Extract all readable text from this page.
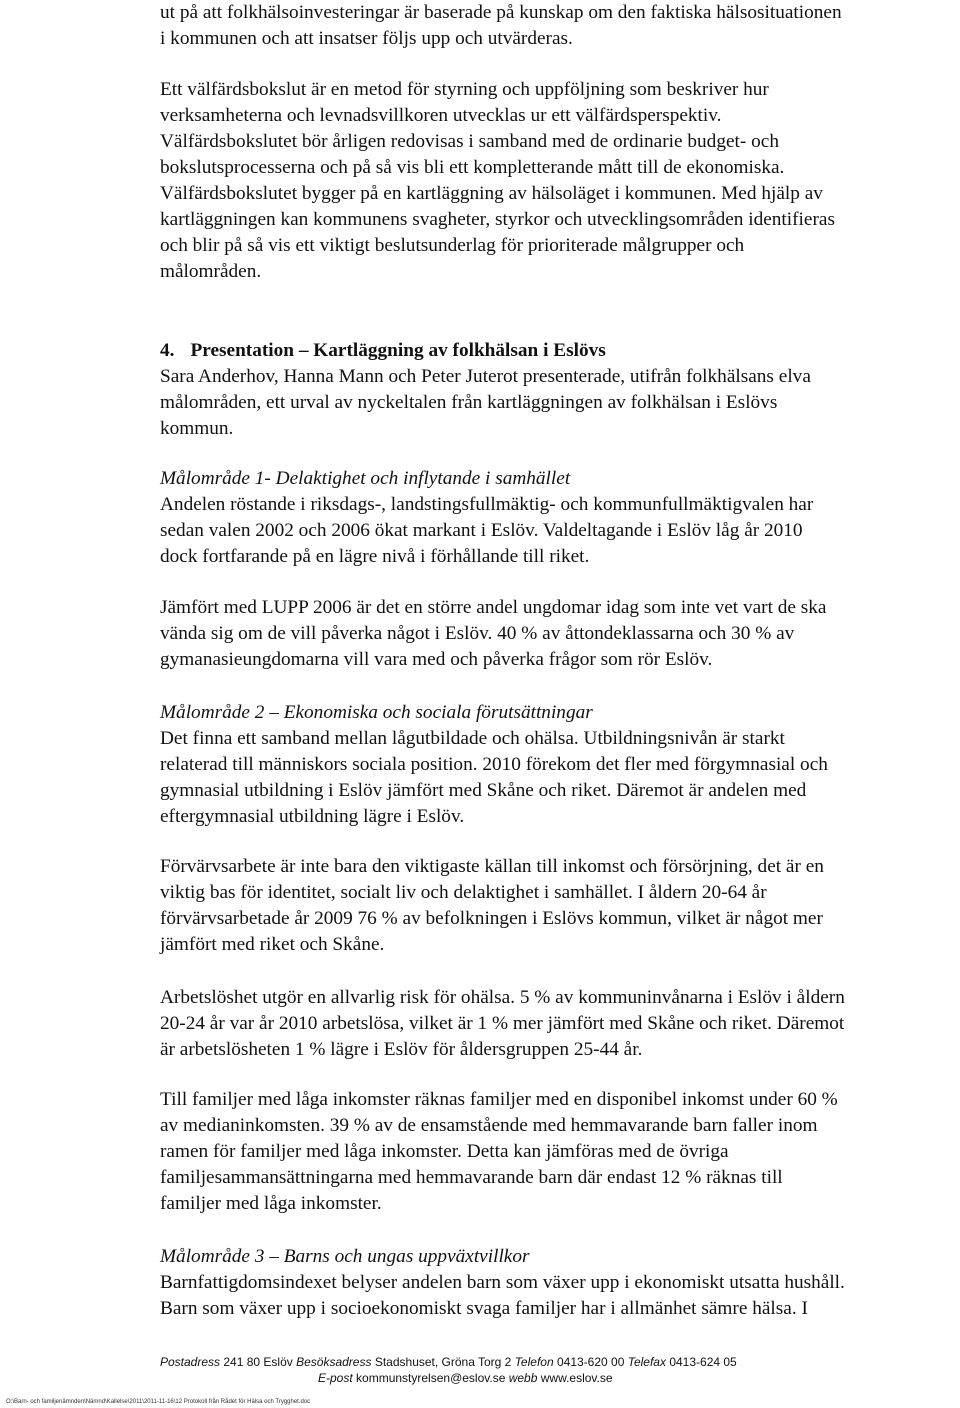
ut på att folkhälsoinvesteringar är baserade på kunskap om den faktiska hälsosituationen
i kommunen och att insatser följs upp och utvärderas.
Ett välfärdsbokslut är en metod för styrning och uppföljning som beskriver hur
verksamheterna och levnadsvillkoren utvecklas ur ett välfärdsperspektiv.
Välfärdsbokslutet bör årligen redovisas i samband med de ordinarie budget- och
bokslutsprocesserna och på så vis bli ett kompletterande mått till de ekonomiska.
Välfärdsbokslutet bygger på en kartläggning av hälsoläget i kommunen. Med hjälp av
kartläggningen kan kommunens svagheter, styrkor och utvecklingsområden identifieras
och blir på så vis ett viktigt beslutsunderlag för prioriterade målgrupper och
målområden.
4. Presentation – Kartläggning av folkhälsan i Eslövs
Sara Anderhov, Hanna Mann och Peter Juterot presenterade, utifrån folkhälsans elva
målområden, ett urval av nyckeltalen från kartläggningen av folkhälsan i Eslövs
kommun.
Målområde 1- Delaktighet och inflytande i samhället
Andelen röstande i riksdags-, landstingsfullmäktig- och kommunfullmäktigvalen har
sedan valen 2002 och 2006 ökat markant i Eslöv. Valdeltagande i Eslöv låg år 2010
dock fortfarande på en lägre nivå i förhållande till riket.
Jämfört med LUPP 2006 är det en större andel ungdomar idag som inte vet vart de ska
vända sig om de vill påverka något i Eslöv. 40 % av åttondeklassarna och 30 % av
gymanasieungdomarna vill vara med och påverka frågor som rör Eslöv.
Målområde 2 – Ekonomiska och sociala förutsättningar
Det finna ett samband mellan lågutbildade och ohälsa. Utbildningsnivån är starkt
relaterad till människors sociala position. 2010 förekom det fler med förgymnasial och
gymnasial utbildning i Eslöv jämfört med Skåne och riket. Däremot är andelen med
eftergymnasial utbildning lägre i Eslöv.
Förvärvsarbete är inte bara den viktigaste källan till inkomst och försörjning, det är en
viktig bas för identitet, socialt liv och delaktighet i samhället. I åldern 20-64 år
förvärvsarbetade år 2009 76 % av befolkningen i Eslövs kommun, vilket är något mer
jämfört med riket och Skåne.
Arbetslöshet utgör en allvarlig risk för ohälsa. 5 % av kommuninvånarna i Eslöv i åldern
20-24 år var år 2010 arbetslösa, vilket är 1 % mer jämfört med Skåne och riket. Däremot
är arbetslösheten 1 % lägre i Eslöv för åldersgruppen 25-44 år.
Till familjer med låga inkomster räknas familjer med en disponibel inkomst under 60 %
av medianinkomsten. 39 % av de ensamstående med hemmavarande barn faller inom
ramen för familjer med låga inkomster. Detta kan jämföras med de övriga
familjesammansättningarna med hemmavarande barn där endast 12 % räknas till
familjer med låga inkomster.
Målområde 3 – Barns och ungas uppväxtvillkor
Barnfattigdomsindexet belyser andelen barn som växer upp i ekonomiskt utsatta hushåll.
Barn som växer upp i socioekonomiskt svaga familjer har i allmänhet sämre hälsa. I
Postadress 241 80 Eslöv Besöksadress Stadshuset, Gröna Torg 2 Telefon 0413-620 00 Telefax 0413-624 05
E-post kommunstyrelsen@eslov.se webb www.eslov.se
O:\Barn- och familjenämnden\Nämnd\Kallelse\2011\2011-11-16\12 Protokoll från Rådet för Hälsa och Trygghet.doc
